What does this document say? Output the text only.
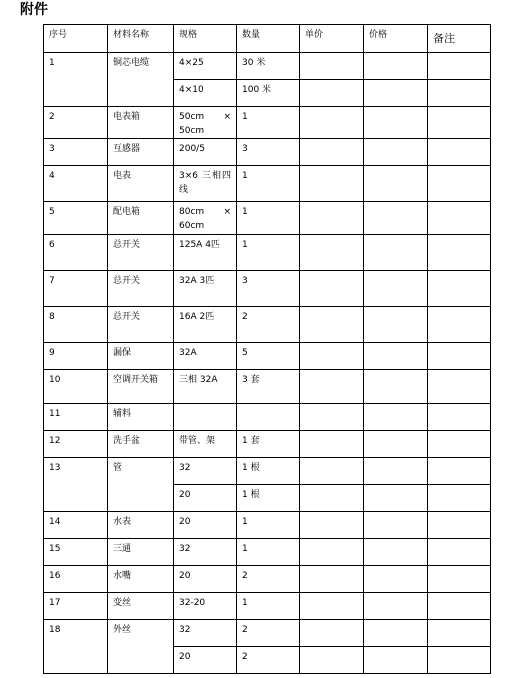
附件
序号	材料名称	规格	数量	单价	价格	备注
1	铜芯电缆	4×25	30 米			
		4×10	100 米			
2	电表箱	50cm × 50cm	1			
3	互感器	200/5	3			
4	电表	3×6 三相四线	1			
5	配电箱	80cm × 60cm	1			
6	总开关	125A 4匹	1			
7	总开关	32A 3匹	3			
8	总开关	16A 2匹	2			
9	漏保	32A	5			
10	空调开关箱	三相 32A	3 套			
11	辅料					
12	洗手盆	带管、架	1 套			
13	管	32	1 根			
		20	1 根			
14	水表	20	1			
15	三通	32	1			
16	水嘴	20	2			
17	变丝	32-20	1			
18	外丝	32	2			
		20	2			
